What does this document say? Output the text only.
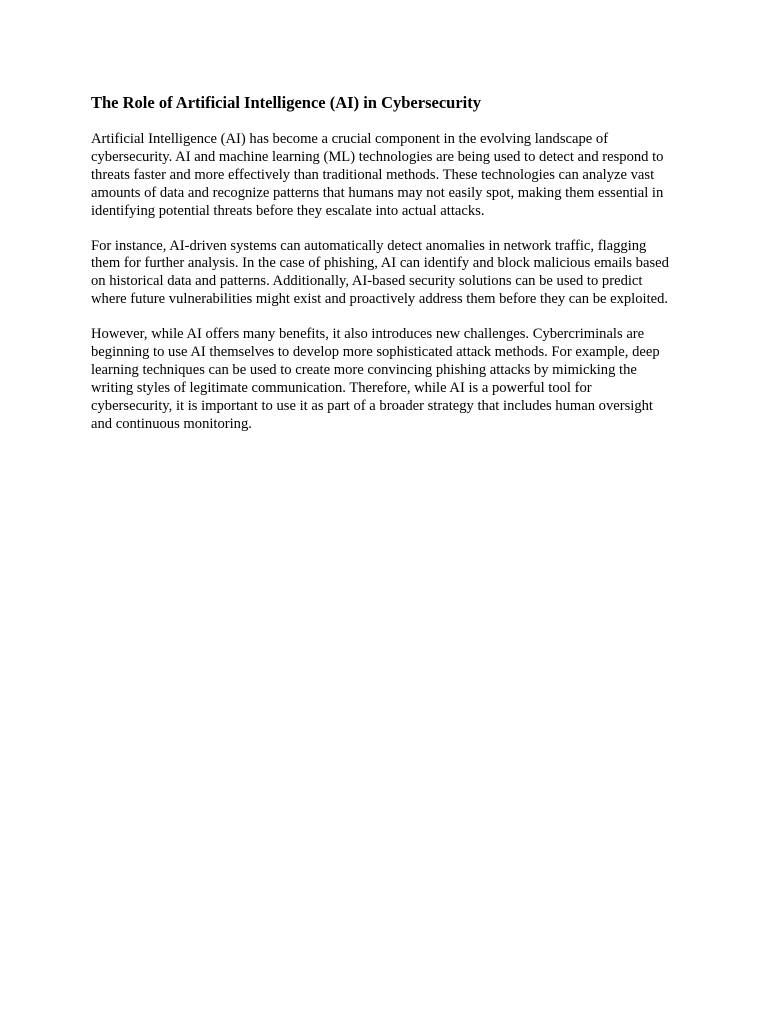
The Role of Artificial Intelligence (AI) in Cybersecurity

Artificial Intelligence (AI) has become a crucial component in the evolving landscape of cybersecurity. AI and machine learning (ML) technologies are being used to detect and respond to threats faster and more effectively than traditional methods. These technologies can analyze vast amounts of data and recognize patterns that humans may not easily spot, making them essential in identifying potential threats before they escalate into actual attacks.

For instance, AI-driven systems can automatically detect anomalies in network traffic, flagging them for further analysis. In the case of phishing, AI can identify and block malicious emails based on historical data and patterns. Additionally, AI-based security solutions can be used to predict where future vulnerabilities might exist and proactively address them before they can be exploited.

However, while AI offers many benefits, it also introduces new challenges. Cybercriminals are beginning to use AI themselves to develop more sophisticated attack methods. For example, deep learning techniques can be used to create more convincing phishing attacks by mimicking the writing styles of legitimate communication. Therefore, while AI is a powerful tool for cybersecurity, it is important to use it as part of a broader strategy that includes human oversight and continuous monitoring.
